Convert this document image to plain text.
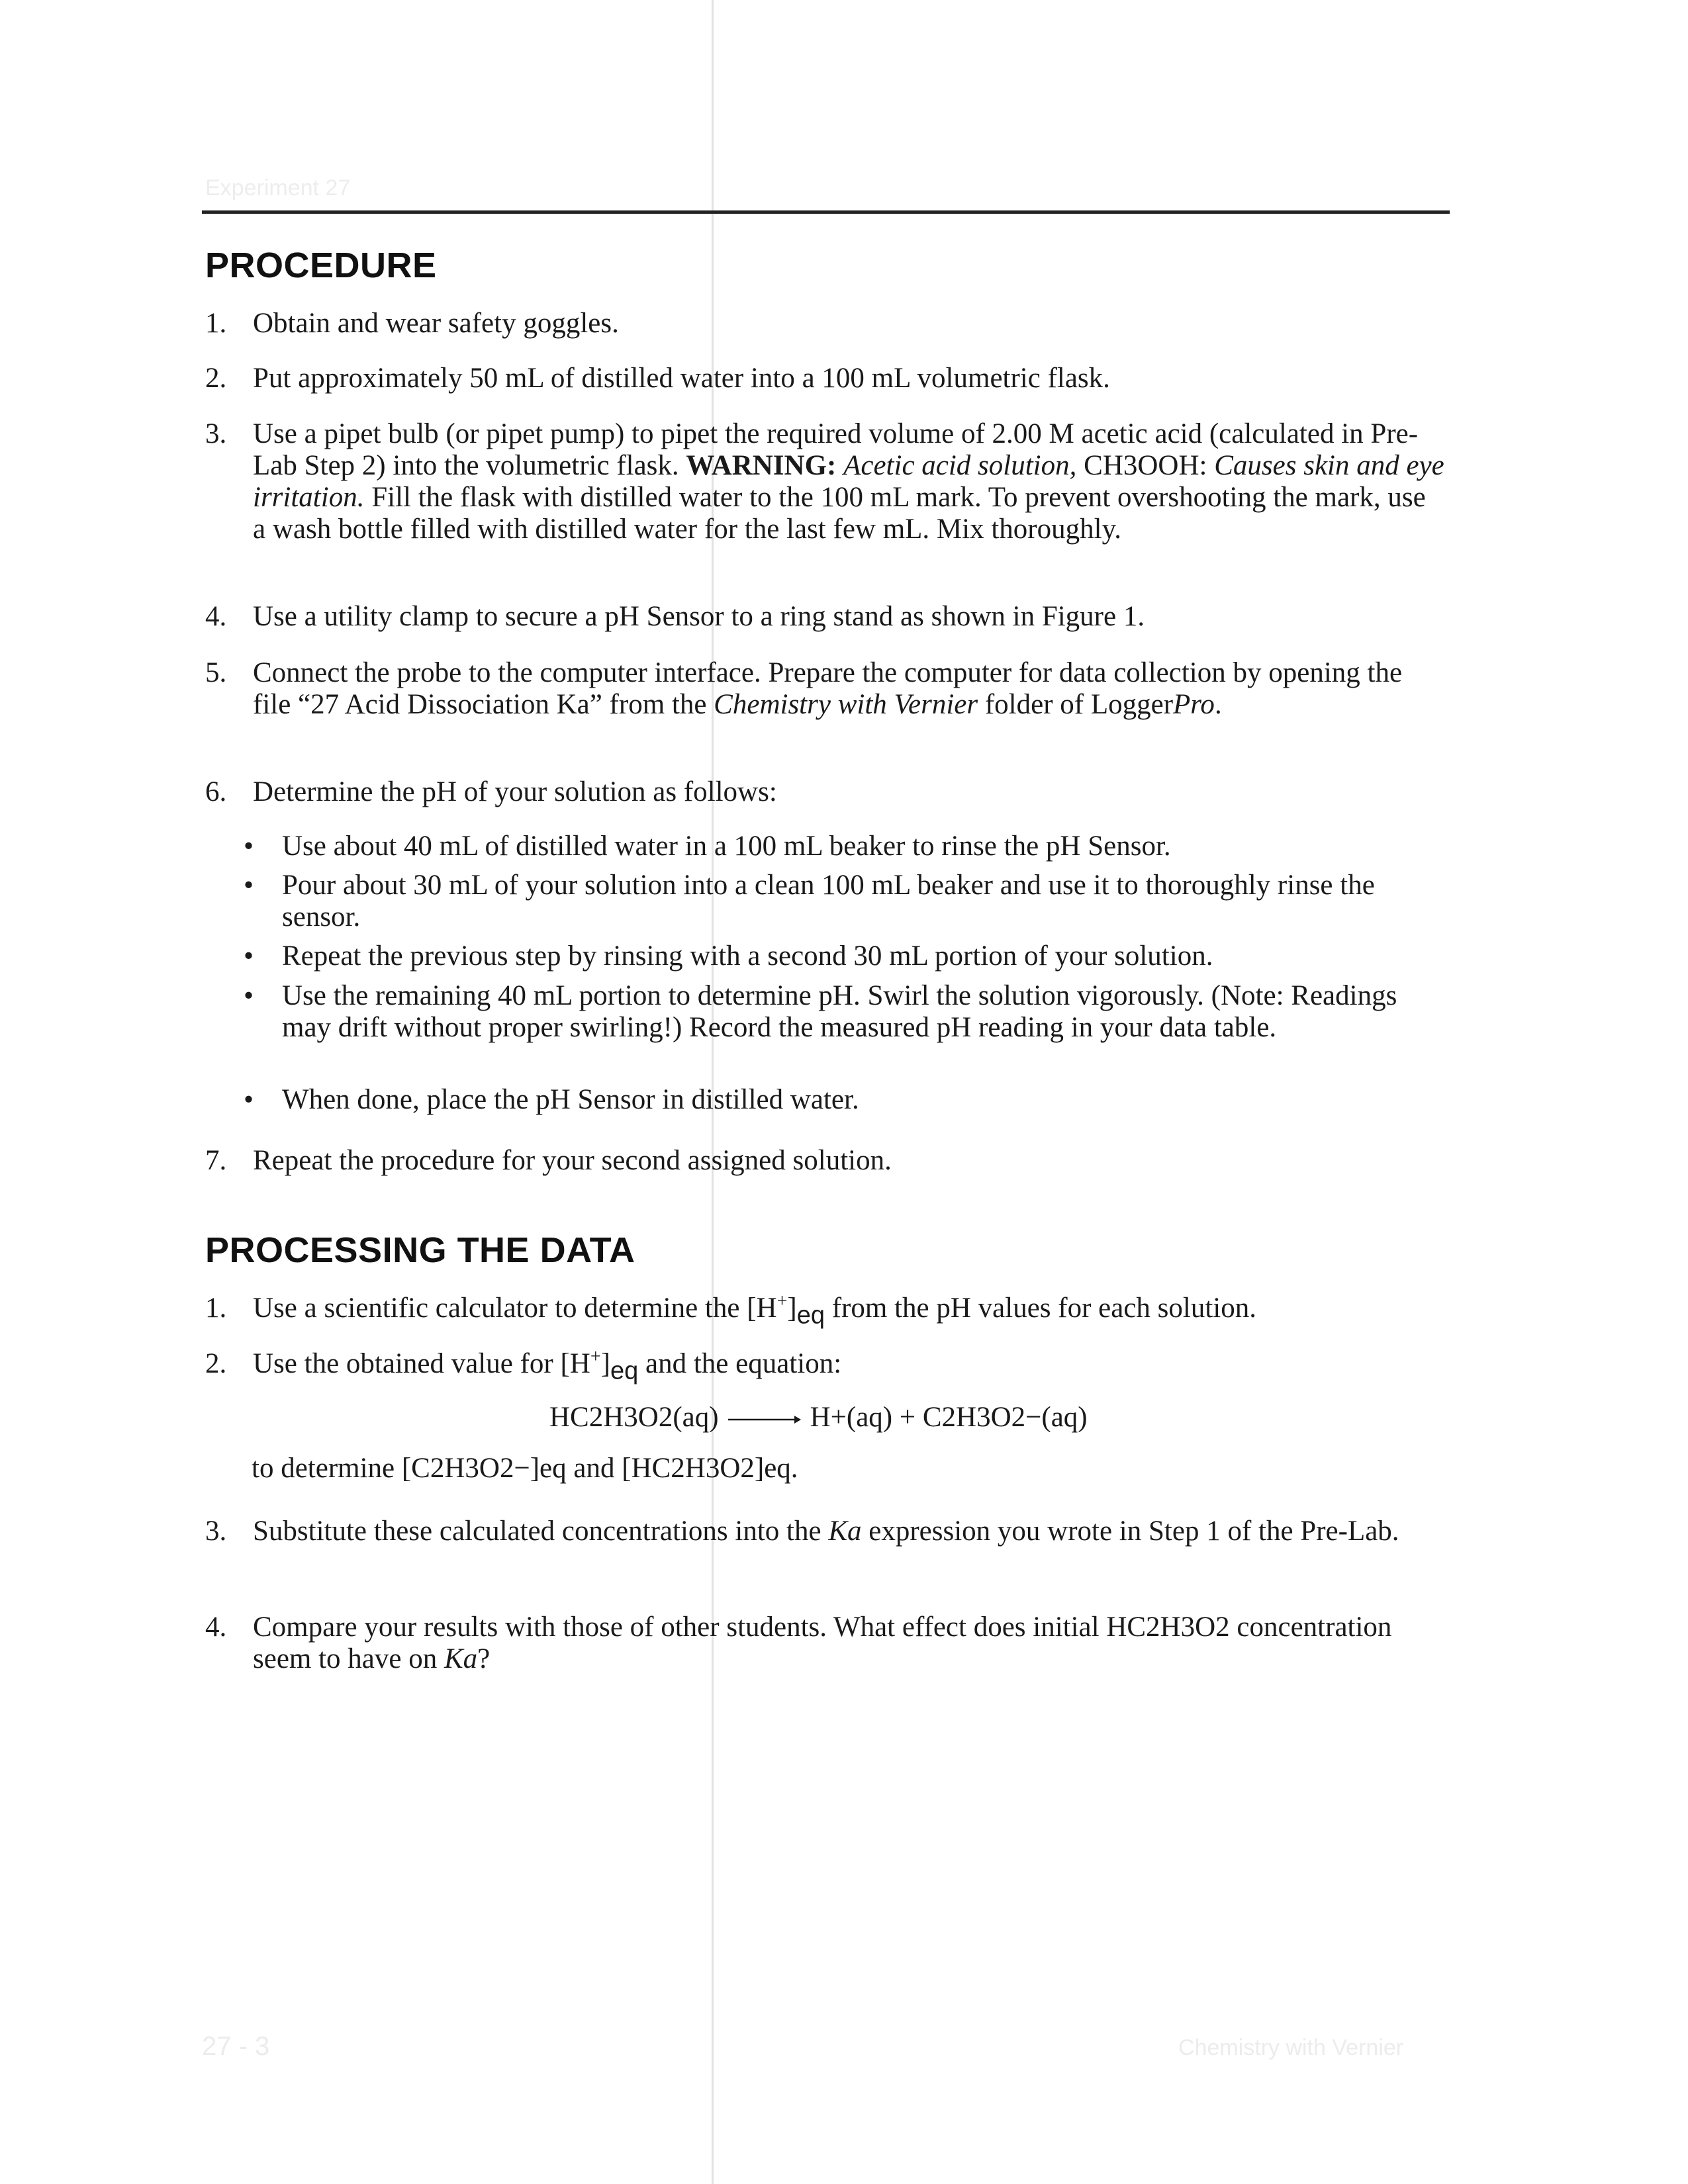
Experiment 27
PROCEDURE
1. Obtain and wear safety goggles.
2. Put approximately 50 mL of distilled water into a 100 mL volumetric flask.
3. Use a pipet bulb (or pipet pump) to pipet the required volume of 2.00 M acetic acid (calculated in Pre-Lab Step 2) into the volumetric flask. WARNING: Acetic acid solution, CH3OOH: Causes skin and eye irritation. Fill the flask with distilled water to the 100 mL mark. To prevent overshooting the mark, use a wash bottle filled with distilled water for the last few mL. Mix thoroughly.
4. Use a utility clamp to secure a pH Sensor to a ring stand as shown in Figure 1.
5. Connect the probe to the computer interface. Prepare the computer for data collection by opening the file “27 Acid Dissociation Ka” from the Chemistry with Vernier folder of LoggerPro.
6. Determine the pH of your solution as follows:
• Use about 40 mL of distilled water in a 100 mL beaker to rinse the pH Sensor.
• Pour about 30 mL of your solution into a clean 100 mL beaker and use it to thoroughly rinse the sensor.
• Repeat the previous step by rinsing with a second 30 mL portion of your solution.
• Use the remaining 40 mL portion to determine pH. Swirl the solution vigorously. (Note: Readings may drift without proper swirling!) Record the measured pH reading in your data table.
• When done, place the pH Sensor in distilled water.
7. Repeat the procedure for your second assigned solution.
PROCESSING THE DATA
1. Use a scientific calculator to determine the $[H^+]_{eq}$ from the pH values for each solution.
2. Use the obtained value for $[H^+]_{eq}$ and the equation:
HC2H3O2(aq) → H+(aq) + C2H3O2−(aq)
to determine [C2H3O2−]eq and [HC2H3O2]eq.
3. Substitute these calculated concentrations into the Ka expression you wrote in Step 1 of the Pre-Lab.
4. Compare your results with those of other students. What effect does initial HC2H3O2 concentration seem to have on Ka?
27 - 3	Chemistry with Vernier
